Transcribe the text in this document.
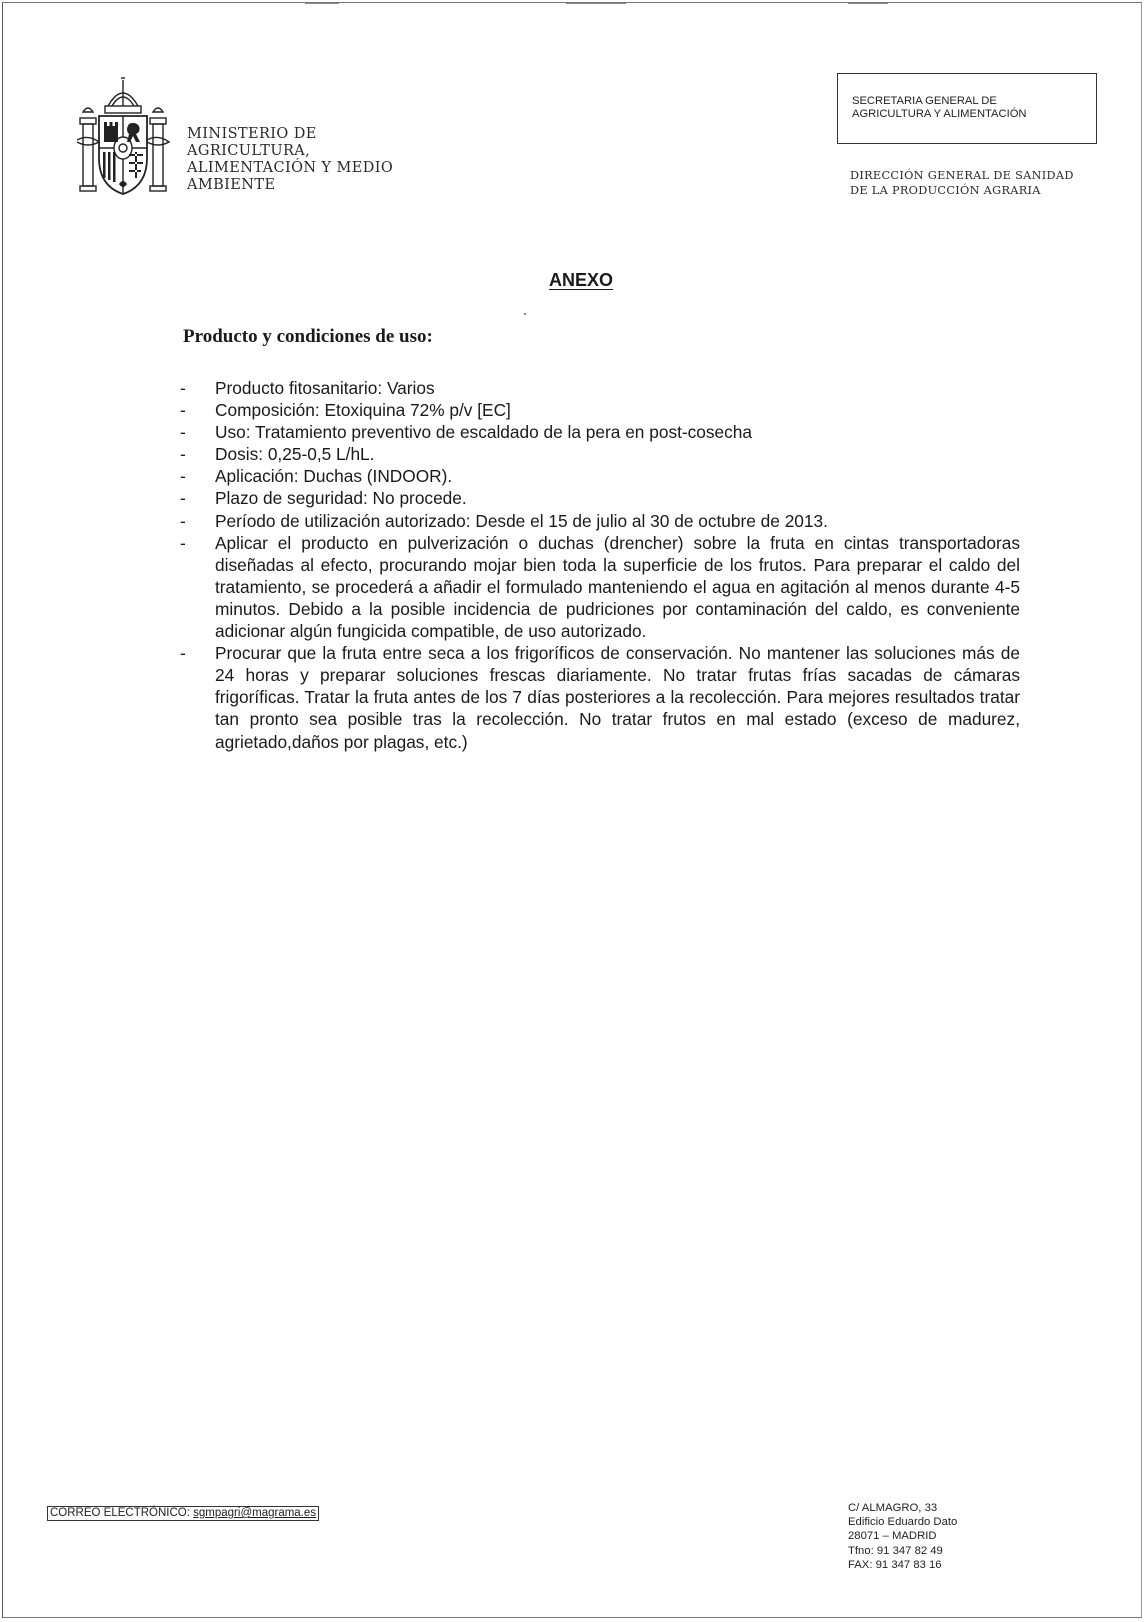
MINISTERIO DE
AGRICULTURA,
ALIMENTACIÓN Y MEDIO
AMBIENTE
SECRETARIA GENERAL DE
AGRICULTURA Y ALIMENTACIÓN
DIRECCIÓN GENERAL DE SANIDAD
DE LA PRODUCCIÓN AGRARIA
ANEXO
Producto y condiciones de uso:
- Producto fitosanitario: Varios
- Composición: Etoxiquina 72% p/v [EC]
- Uso: Tratamiento preventivo de escaldado de la pera en post-cosecha
- Dosis: 0,25-0,5 L/hL.
- Aplicación: Duchas (INDOOR).
- Plazo de seguridad: No procede.
- Período de utilización autorizado: Desde el 15 de julio al 30 de octubre de 2013.
- Aplicar el producto en pulverización o duchas (drencher) sobre la fruta en cintas transportadoras diseñadas al efecto, procurando mojar bien toda la superficie de los frutos. Para preparar el caldo del tratamiento, se procederá a añadir el formulado manteniendo el agua en agitación al menos durante 4-5 minutos. Debido a la posible incidencia de pudriciones por contaminación del caldo, es conveniente adicionar algún fungicida compatible, de uso autorizado.
- Procurar que la fruta entre seca a los frigoríficos de conservación. No mantener las soluciones más de 24 horas y preparar soluciones frescas diariamente. No tratar frutas frías sacadas de cámaras frigoríficas. Tratar la fruta antes de los 7 días posteriores a la recolección. Para mejores resultados tratar tan pronto sea posible tras la recolección. No tratar frutos en mal estado (exceso de madurez, agrietado,daños por plagas, etc.)
CORREO ELECTRÓNICO: sgmpagri@magrama.es	C/ ALMAGRO, 33
Edificio Eduardo Dato
28071 – MADRID
Tfno: 91 347 82 49
FAX: 91 347 83 16
